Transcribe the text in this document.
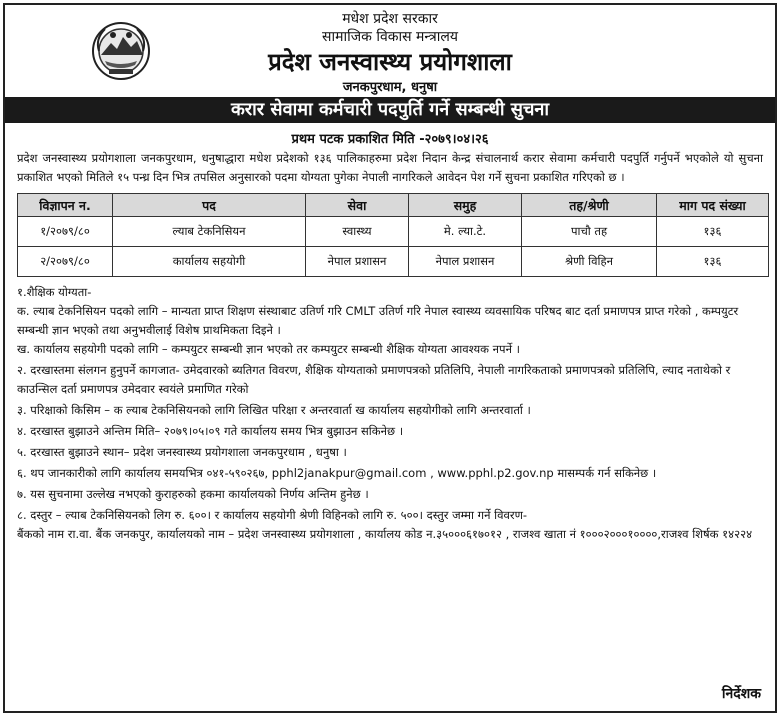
मधेश प्रदेश सरकार
सामाजिक विकास मन्त्रालय
प्रदेश जनस्वास्थ्य प्रयोगशाला
जनकपुरधाम, धनुषा
करार सेवामा कर्मचारी पदपुर्ति गर्ने सम्बन्धी सुचना
प्रथम पटक प्रकाशित मिति -२०७९।०४।२६
प्रदेश जनस्वास्थ्य प्रयोगशाला जनकपुरधाम, धनुषाद्धारा मधेश प्रदेशको १३६ पालिकाहरुमा प्रदेश निदान केन्द्र संचालनार्थ करार सेवामा कर्मचारी पदपुर्ति गर्नुपर्ने भएकोले यो सुचना प्रकाशित भएको मितिले १५ पन्ध्र दिन भित्र तपसिल अनुसारको पदमा योग्यता पुगेका नेपाली नागरिकले आवेदन पेश गर्ने सुचना प्रकाशित गरिएको छ ।
विज्ञापन न.	पद	सेवा	समुह	तह/श्रेणी	माग पद संख्या
१/२०७९/८०	ल्याब टेकनिसियन	स्वास्थ्य	मे. ल्या.टे.	पाचौ तह	१३६
२/२०७९/८०	कार्यालय सहयोगी	नेपाल प्रशासन	नेपाल प्रशासन	श्रेणी विहिन	१३६
१.शैक्षिक योग्यता-
क. ल्याब टेकनिसियन पदको लागि – मान्यता प्राप्त शिक्षण संस्थाबाट उतिर्ण गरि CMLT उतिर्ण गरि नेपाल स्वास्थ्य व्यवसायिक परिषद बाट दर्ता प्रमाणपत्र प्राप्त गरेको , कम्पयुटर सम्बन्धी ज्ञान भएको तथा अनुभवीलाई विशेष प्राथमिकता दिइने ।
ख. कार्यालय सहयोगी पदको लागि – कम्पयुटर सम्बन्धी ज्ञान भएको तर कम्पयुटर सम्बन्धी शैक्षिक योग्यता आवश्यक नपर्ने ।
२. दरखास्तमा संलगन हुनुपर्ने कागजात- उमेदवारको ब्यतिगत विवरण, शैक्षिक योग्यताको प्रमाणपत्रको प्रतिलिपि, नेपाली नागरिकताको प्रमाणपत्रको प्रतिलिपि, ल्याद नताथेको र काउन्सिल दर्ता प्रमाणपत्र उमेदवार स्वयंले प्रमाणित गरेको
३. परिक्षाको किसिम – क ल्याब टेकनिसियनको लागि लिखित परिक्षा र अन्तरवार्ता ख कार्यालय सहयोगीको लागि अन्तरवार्ता ।
४. दरखास्त बुझाउने अन्तिम मिति– २०७९।०५।०९ गते कार्यालय समय भित्र बुझाउन सकिनेछ ।
५. दरखास्त बुझाउने स्थान– प्रदेश जनस्वास्थ्य प्रयोगशाला जनकपुरधाम , धनुषा ।
६. थप जानकारीको लागि कार्यालय समयभित्र ०४१-५९०२६७, pphl2janakpur@gmail.com , www.pphl.p2.gov.np मासम्पर्क गर्न सकिनेछ ।
७. यस सुचनामा उल्लेख नभएको कुराहरुको हकमा कार्यालयको निर्णय अन्तिम हुनेछ ।
८. दस्तुर – ल्याब टेकनिसियनको लिग रु. ६००। र कार्यालय सहयोगी श्रेणी विहिनको लागि रु. ५००। दस्तुर जम्मा गर्ने विवरण-
बैंकको नाम रा.वा. बैंक जनकपुर, कार्यालयको नाम – प्रदेश जनस्वास्थ्य प्रयोगशाला , कार्यालय कोड न.३५०००६१७०१२ , राजश्व खाता नं १०००२०००१००००,राजश्व शिर्षक १४२२४
निर्देशक
